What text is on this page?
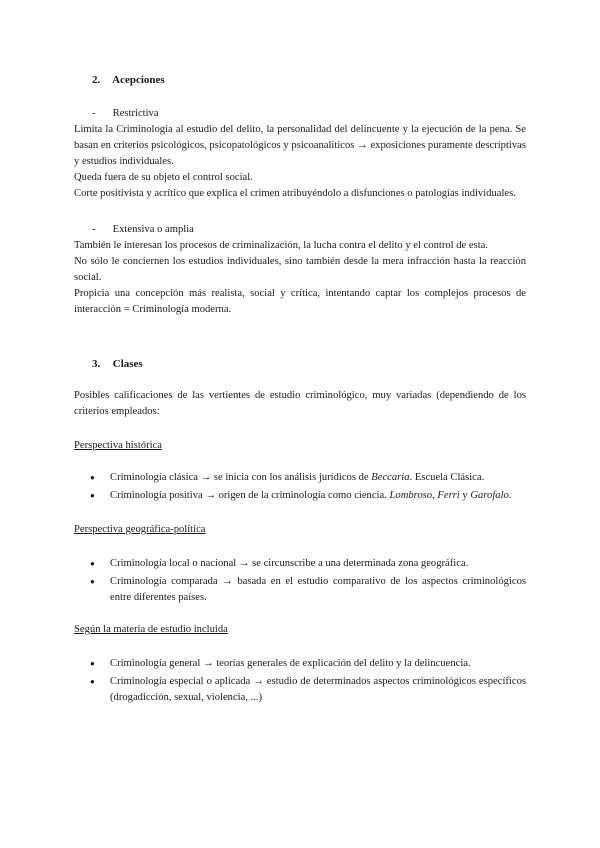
2. Acepciones
- Restrictiva

Limita la Criminología al estudio del delito, la personalidad del delincuente y la ejecución de la pena. Se basan en criterios psicológicos, psicopatológicos y psicoanalíticos → exposiciones puramente descriptivas y estudios individuales.

Queda fuera de su objeto el control social.

Corte positivista y acrítico que explica el crimen atribuyéndolo a disfunciones o patologías individuales.

- Extensiva o amplia

También le interesan los procesos de criminalización, la lucha contra el delito y el control de esta.

No sólo le conciernen los estudios individuales, sino también desde la mera infracción hasta la reacción social.

Propicia una concepción más realista, social y crítica, intentando captar los complejos procesos de interacción = Criminología moderna.

3. Clases

Posibles calificaciones de las vertientes de estudio criminológico, muy variadas (dependiendo de los criterios empleados:

Perspectiva histórica
● Criminología clásica → se inicia con los análisis jurídicos de Beccaria. Escuela Clásica.
● Criminología positiva → origen de la criminología como ciencia. Lombroso, Ferri y Garofalo.
Perspectiva geográfica-política
● Criminología local o nacional → se circunscribe a una determinada zona geográfica.
● Criminología comparada → basada en el estudio comparativo de los aspectos criminológicos entre diferentes países.
Según la materia de estudio incluida
● Criminología general → teorías generales de explicación del delito y la delincuencia.
● Criminología especial o aplicada → estudio de determinados aspectos criminológicos específicos (drogadicción, sexual, violencia, ...)
